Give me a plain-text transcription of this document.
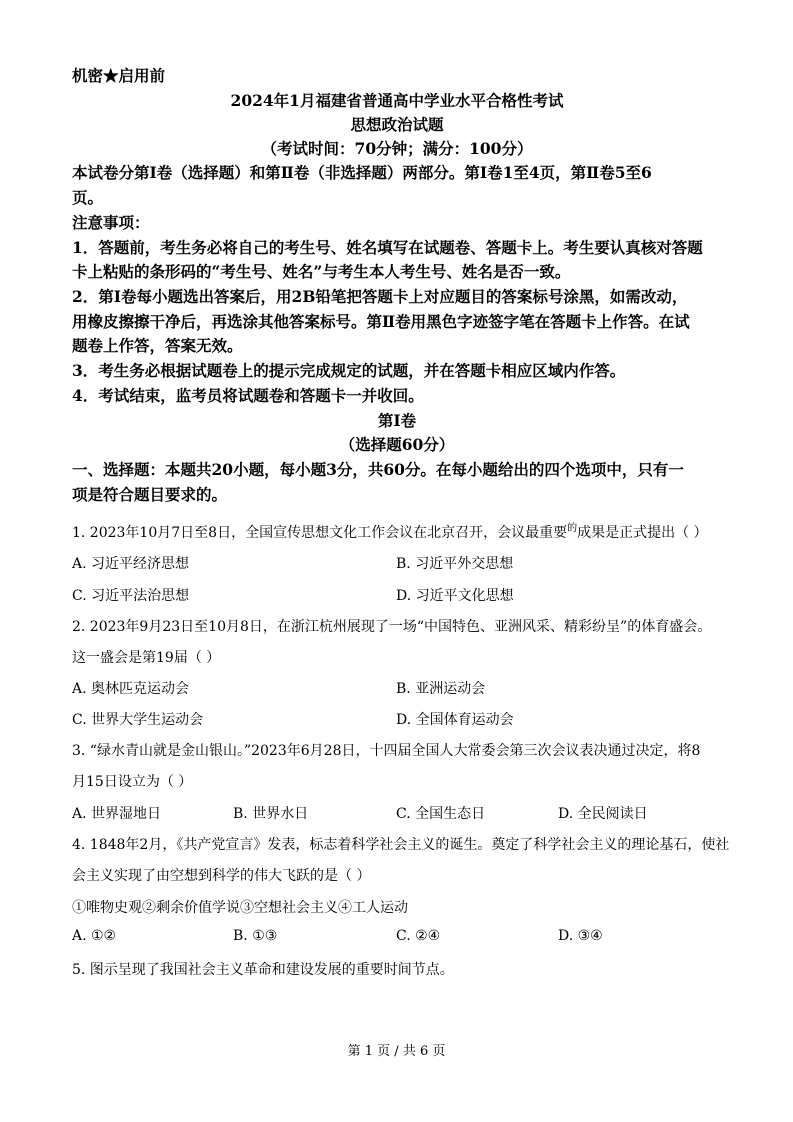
机密★启用前
2024年1月福建省普通高中学业水平合格性考试
思想政治试题
（考试时间：70分钟；满分：100分）
本试卷分第Ⅰ卷（选择题）和第Ⅱ卷（非选择题）两部分。第Ⅰ卷1至4页，第Ⅱ卷5至6
页。
注意事项：
1．答题前，考生务必将自己的考生号、姓名填写在试题卷、答题卡上。考生要认真核对答题
卡上粘贴的条形码的“考生号、姓名”与考生本人考生号、姓名是否一致。
2．第Ⅰ卷每小题选出答案后，用2B铅笔把答题卡上对应题目的答案标号涂黑，如需改动，
用橡皮擦擦干净后，再选涂其他答案标号。第Ⅱ卷用黑色字迹签字笔在答题卡上作答。在试
题卷上作答，答案无效。
3．考生务必根据试题卷上的提示完成规定的试题，并在答题卡相应区域内作答。
4．考试结束，监考员将试题卷和答题卡一并收回。
第Ⅰ卷
（选择题60分）
一、选择题：本题共20小题，每小题3分，共60分。在每小题给出的四个选项中，只有一
项是符合题目要求的。
1. 2023年10月7日至8日，全国宣传思想文化工作会议在北京召开，会议最重要$^的$成果是正式提出（ ）
A. 习近平经济思想	B. 习近平外交思想
C. 习近平法治思想	D. 习近平文化思想
2. 2023年9月23日至10月8日，在浙江杭州展现了一场“中国特色、亚洲风采、精彩纷呈”的体育盛会。
这一盛会是第19届（ ）
A. 奥林匹克运动会	B. 亚洲运动会
C. 世界大学生运动会	D. 全国体育运动会
3. “绿水青山就是金山银山。”2023年6月28日，十四届全国人大常委会第三次会议表决通过决定，将8
月15日设立为（ ）
A. 世界湿地日	B. 世界水日	C. 全国生态日	D. 全民阅读日
4. 1848年2月，《共产党宣言》发表，标志着科学社会主义的诞生。奠定了科学社会主义的理论基石，使社
会主义实现了由空想到科学的伟大飞跃的是（ ）
①唯物史观②剩余价值学说③空想社会主义④工人运动
A. ①②	B. ①③	C. ②④	D. ③④
5. 图示呈现了我国社会主义革命和建设发展的重要时间节点。
第 1 页 / 共 6 页
